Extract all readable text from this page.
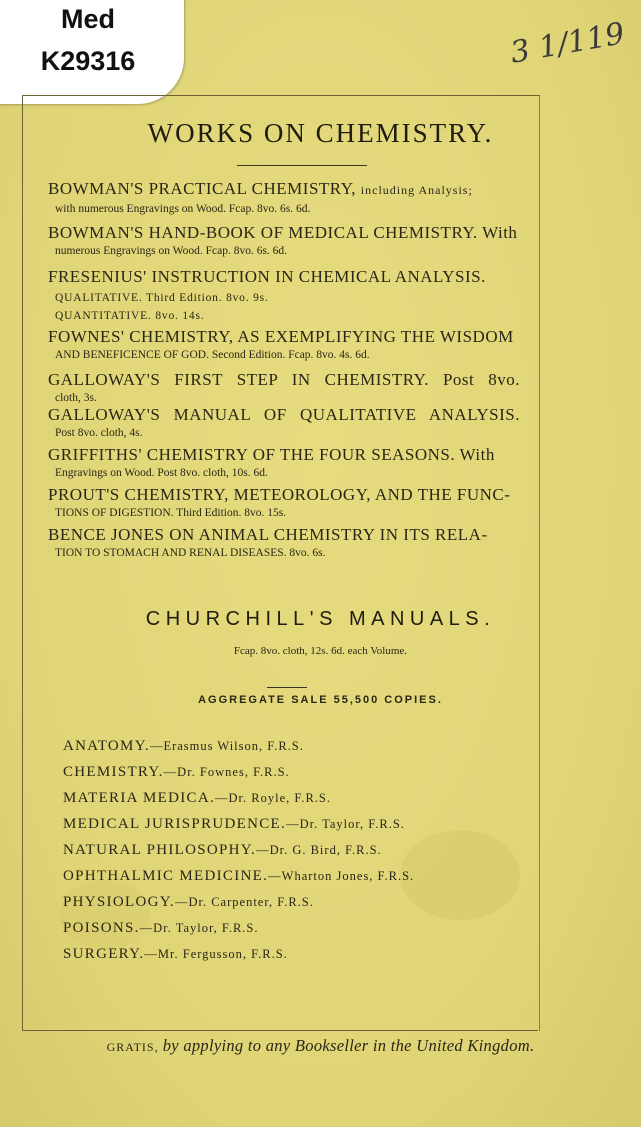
Med
K29316	3 1/119
WORKS ON CHEMISTRY.
BOWMAN'S PRACTICAL CHEMISTRY, including Analysis;
with numerous Engravings on Wood. Fcap. 8vo. 6s. 6d.
BOWMAN'S HAND-BOOK OF MEDICAL CHEMISTRY. With
numerous Engravings on Wood. Fcap. 8vo. 6s. 6d.
FRESENIUS' INSTRUCTION IN CHEMICAL ANALYSIS.
QUALITATIVE. Third Edition. 8vo. 9s.
QUANTITATIVE. 8vo. 14s.
FOWNES' CHEMISTRY, AS EXEMPLIFYING THE WISDOM
AND BENEFICENCE OF GOD. Second Edition. Fcap. 8vo. 4s. 6d.
GALLOWAY'S FIRST STEP IN CHEMISTRY. Post 8vo.
cloth, 3s.
GALLOWAY'S MANUAL OF QUALITATIVE ANALYSIS.
Post 8vo. cloth, 4s.
GRIFFITHS' CHEMISTRY OF THE FOUR SEASONS. With
Engravings on Wood. Post 8vo. cloth, 10s. 6d.
PROUT'S CHEMISTRY, METEOROLOGY, AND THE FUNC-
TIONS OF DIGESTION. Third Edition. 8vo. 15s.
BENCE JONES ON ANIMAL CHEMISTRY IN ITS RELA-
TION TO STOMACH AND RENAL DISEASES. 8vo. 6s.
CHURCHILL'S MANUALS.
Fcap. 8vo. cloth, 12s. 6d. each Volume.
AGGREGATE SALE 55,500 COPIES.
ANATOMY.—Erasmus Wilson, F.R.S.
CHEMISTRY.—Dr. Fownes, F.R.S.
MATERIA MEDICA.—Dr. Royle, F.R.S.
MEDICAL JURISPRUDENCE.—Dr. Taylor, F.R.S.
NATURAL PHILOSOPHY.—Dr. G. Bird, F.R.S.
OPHTHALMIC MEDICINE.—Wharton Jones, F.R.S.
PHYSIOLOGY.—Dr. Carpenter, F.R.S.
POISONS.—Dr. Taylor, F.R.S.
SURGERY.—Mr. Fergusson, F.R.S.
GRATIS, by applying to any Bookseller in the United Kingdom.
